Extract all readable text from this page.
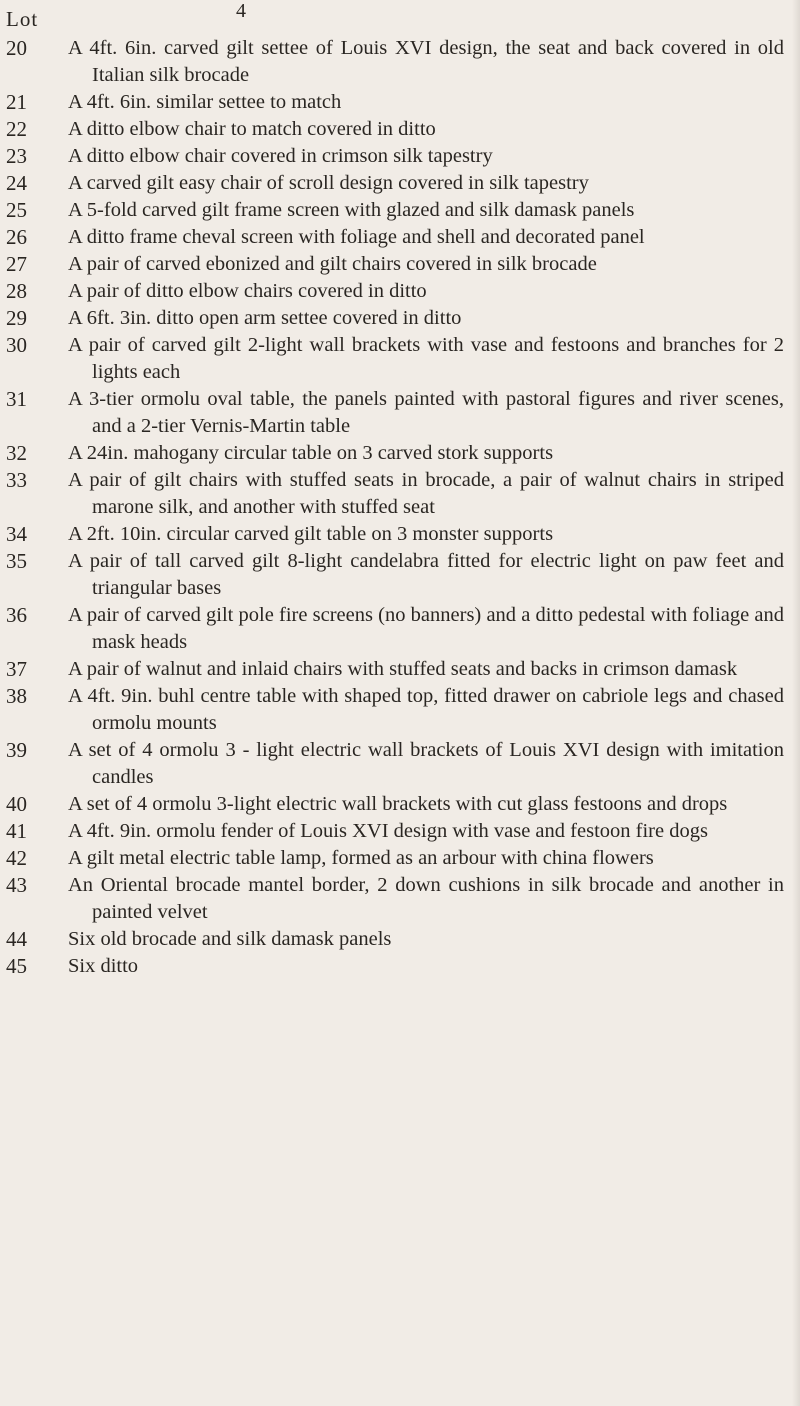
4
Lot
20	A 4ft. 6in. carved gilt settee of Louis XVI design, the seat and back covered in old Italian silk brocade
21	A 4ft. 6in. similar settee to match
22	A ditto elbow chair to match covered in ditto
23	A ditto elbow chair covered in crimson silk tapestry
24	A carved gilt easy chair of scroll design covered in silk tapestry
25	A 5-fold carved gilt frame screen with glazed and silk damask panels
26	A ditto frame cheval screen with foliage and shell and decorated panel
27	A pair of carved ebonized and gilt chairs covered in silk brocade
28	A pair of ditto elbow chairs covered in ditto
29	A 6ft. 3in. ditto open arm settee covered in ditto
30	A pair of carved gilt 2-light wall brackets with vase and festoons and branches for 2 lights each
31	A 3-tier ormolu oval table, the panels painted with pastoral figures and river scenes, and a 2-tier Vernis-Martin table
32	A 24in. mahogany circular table on 3 carved stork supports
33	A pair of gilt chairs with stuffed seats in brocade, a pair of walnut chairs in striped marone silk, and another with stuffed seat
34	A 2ft. 10in. circular carved gilt table on 3 monster supports
35	A pair of tall carved gilt 8-light candelabra fitted for electric light on paw feet and triangular bases
36	A pair of carved gilt pole fire screens (no banners) and a ditto pedestal with foliage and mask heads
37	A pair of walnut and inlaid chairs with stuffed seats and backs in crimson damask
38	A 4ft. 9in. buhl centre table with shaped top, fitted drawer on cabriole legs and chased ormolu mounts
39	A set of 4 ormolu 3 - light electric wall brackets of Louis XVI design with imitation candles
40	A set of 4 ormolu 3-light electric wall brackets with cut glass festoons and drops
41	A 4ft. 9in. ormolu fender of Louis XVI design with vase and festoon fire dogs
42	A gilt metal electric table lamp, formed as an arbour with china flowers
43	An Oriental brocade mantel border, 2 down cushions in silk brocade and another in painted velvet
44	Six old brocade and silk damask panels
45	Six ditto
